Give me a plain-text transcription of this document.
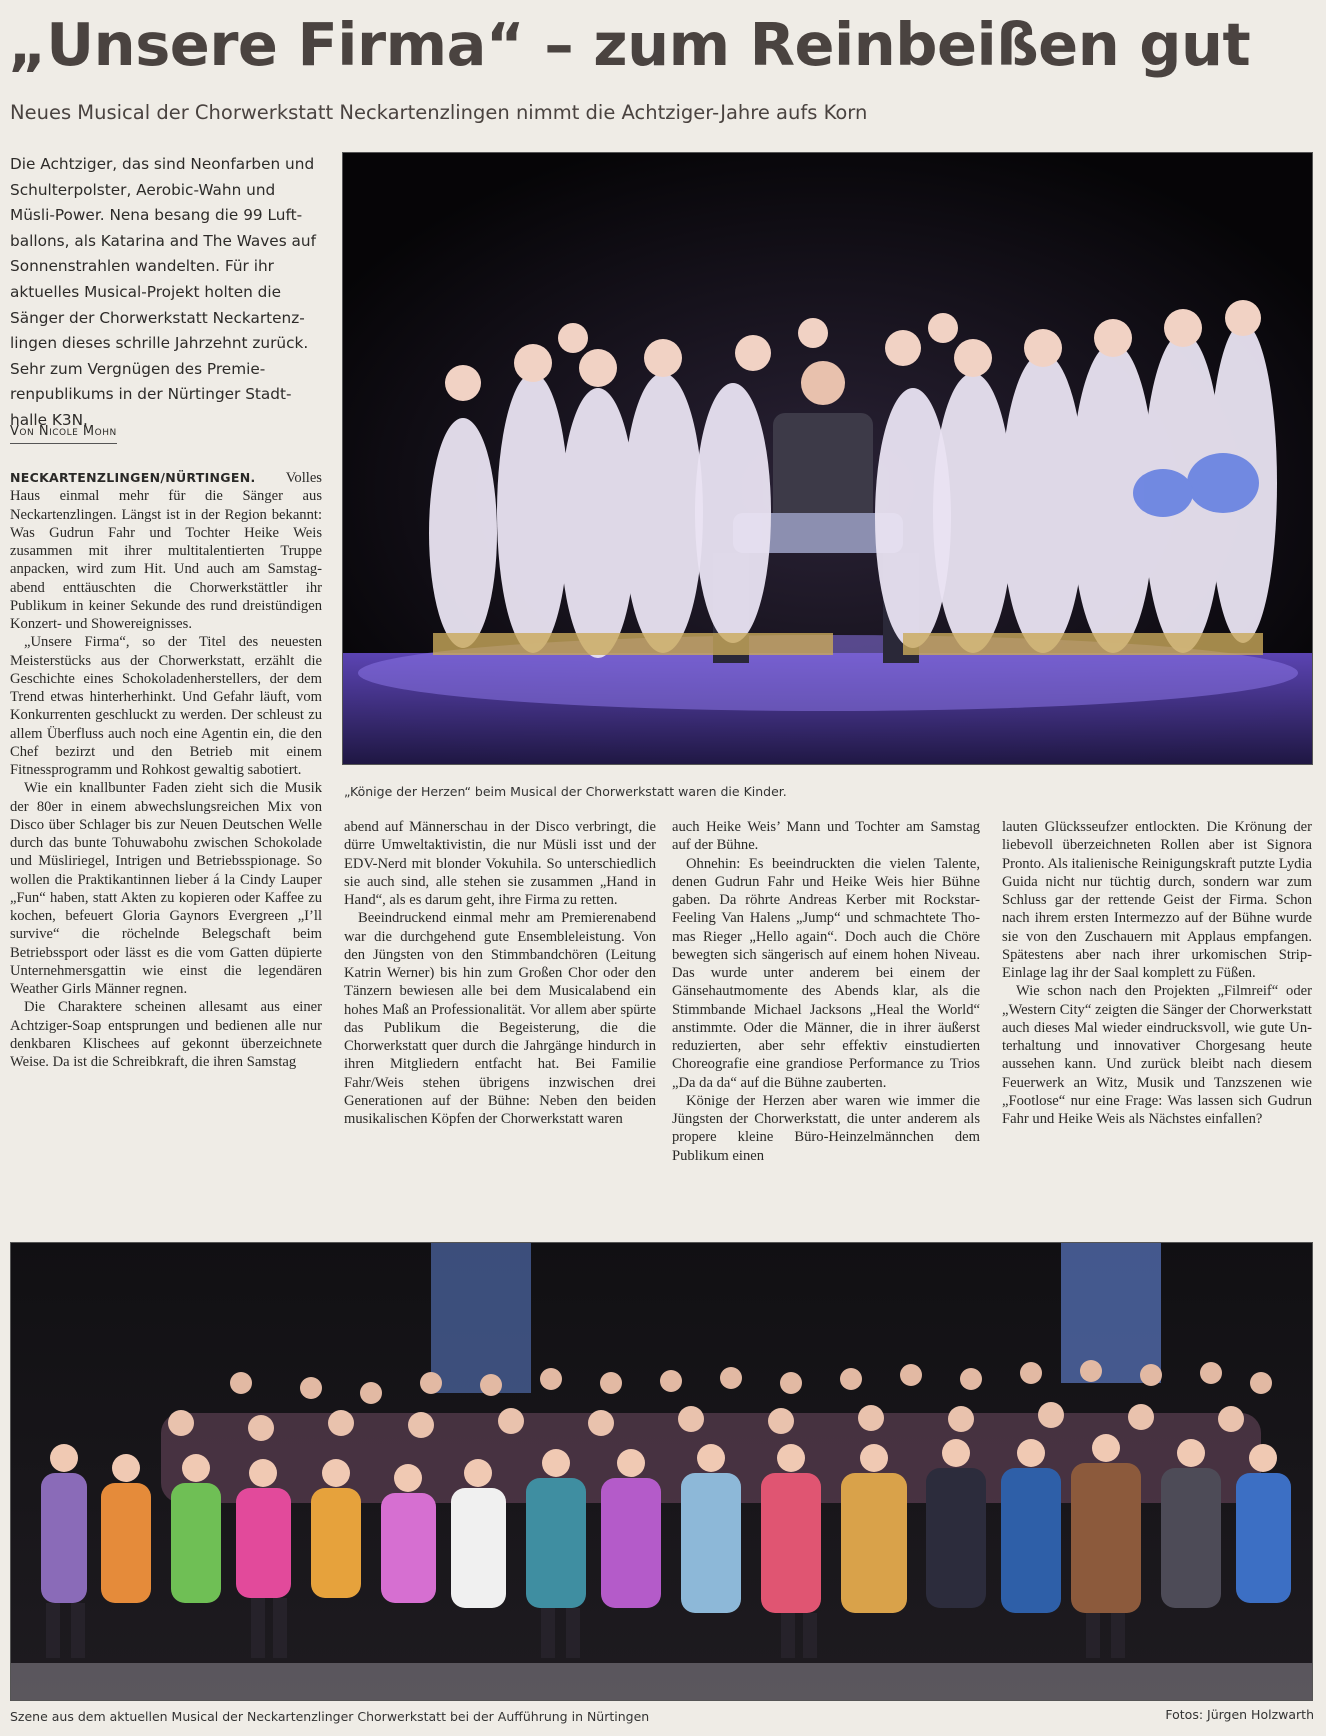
„Unsere Firma“ – zum Reinbeißen gut
Neues Musical der Chorwerkstatt Neckartenzlingen nimmt die Achtziger-Jahre aufs Korn
Die Achtziger, das sind Neonfarben und Schulterpolster, Aerobic-Wahn und Müsli-Power. Nena besang die 99 Luftballons, als Katarina and The Waves auf Sonnenstrahlen wandelten. Für ihr aktuelles Musical-Projekt holten die Sänger der Chorwerkstatt Neckartenzlingen dieses schrille Jahrzehnt zurück. Sehr zum Vergnügen des Premierenpublikums in der Nürtinger Stadthalle K3N.
Von Nicole Mohn
„Könige der Herzen“ beim Musical der Chorwerkstatt waren die Kinder.

NECKARTENZLINGEN/NÜRTINGEN. Volles Haus einmal mehr für die Sänger aus Neckartenzlingen. Längst ist in der Region bekannt: Was Gudrun Fahr und Tochter Heike Weis zusammen mit ihrer multitalentierten Truppe anpacken, wird zum Hit. Und auch am Samstagabend enttäuschten die Chorwerkstättler ihr Publikum in keiner Sekunde des rund dreistündigen Konzert- und Showereignisses.

„Unsere Firma“, so der Titel des neuesten Meisterstücks aus der Chorwerkstatt, erzählt die Geschichte eines Schokoladenherstellers, der dem Trend etwas hinterherhinkt. Und Gefahr läuft, vom Konkurrenten geschluckt zu werden. Der schleust zu allem Überfluss auch noch eine Agentin ein, die den Chef bezirzt und den Betrieb mit einem Fitnessprogramm und Rohkost gewaltig sabotiert.

Wie ein knallbunter Faden zieht sich die Musik der 80er in einem abwechslungsreichen Mix von Disco über Schlager bis zur Neuen Deutschen Welle durch das bunte Tohuwabohu zwischen Schokolade und Müsliriegel, Intrigen und Betriebsspionage. So wollen die Praktikantinnen lieber á la Cindy Lauper „Fun“ haben, statt Akten zu kopieren oder Kaffee zu kochen, befeuert Gloria Gaynors Evergreen „I’ll survive“ die röchelnde Belegschaft beim Betriebssport oder lässt es die vom Gatten düpierte Unternehmersgattin wie einst die legendären Weather Girls Männer regnen.

Die Charaktere scheinen allesamt aus einer Achtziger-Soap entsprungen und bedienen alle nur denkbaren Klischees auf gekonnt überzeichnete Weise. Da ist die Schreibkraft, die ihren Samstag

abend auf Männerschau in der Disco verbringt, die dürre Umweltaktivistin, die nur Müsli isst und der EDV-Nerd mit blonder Vokuhila. So unterschiedlich sie auch sind, alle stehen sie zusammen „Hand in Hand“, als es darum geht, ihre Firma zu retten.

Beeindruckend einmal mehr am Premierenabend war die durchgehend gute Ensembleleistung. Von den Jüngsten von den Stimmbandchören (Leitung Katrin Werner) bis hin zum Großen Chor oder den Tänzern bewiesen alle bei dem Musicalabend ein hohes Maß an Professionalität. Vor allem aber spürte das Publikum die Begeisterung, die die Chorwerkstatt quer durch die Jahrgänge hindurch in ihren Mitgliedern entfacht hat. Bei Familie Fahr/Weis stehen übrigens inzwischen drei Generationen auf der Bühne: Neben den beiden musikalischen Köpfen der Chorwerkstatt waren

auch Heike Weis’ Mann und Tochter am Samstag auf der Bühne.

Ohnehin: Es beeindruckten die vielen Talente, denen Gudrun Fahr und Heike Weis hier Bühne gaben. Da röhrte Andreas Kerber mit Rockstar-Feeling Van Halens „Jump“ und schmachtete Thomas Rieger „Hello again“. Doch auch die Chöre bewegten sich sängerisch auf einem hohen Niveau. Das wurde unter anderem bei einem der Gänsehautmomente des Abends klar, als die Stimmbande Michael Jacksons „Heal the World“ anstimmte. Oder die Männer, die in ihrer äußerst reduzierten, aber sehr effektiv einstudierten Choreografie eine grandiose Performance zu Trios „Da da da“ auf die Bühne zauberten.

Könige der Herzen aber waren wie immer die Jüngsten der Chorwerkstatt, die unter anderem als propere kleine Büro-Heinzelmännchen dem Publikum einen

lauten Glücksseufzer entlockten. Die Krönung der liebevoll überzeichneten Rollen aber ist Signora Pronto. Als italienische Reinigungskraft putzte Lydia Guida nicht nur tüchtig durch, sondern war zum Schluss gar der rettende Geist der Firma. Schon nach ihrem ersten Intermezzo auf der Bühne wurde sie von den Zuschauern mit Applaus empfangen. Spätestens aber nach ihrer urkomischen Strip-Einlage lag ihr der Saal komplett zu Füßen.

Wie schon nach den Projekten „Filmreif“ oder „Western City“ zeigten die Sänger der Chorwerkstatt auch dieses Mal wieder eindrucksvoll, wie gute Unterhaltung und innovativer Chorgesang heute aussehen kann. Und zurück bleibt nach diesem Feuerwerk an Witz, Musik und Tanzszenen wie „Footlose“ nur eine Frage: Was lassen sich Gudrun Fahr und Heike Weis als Nächstes einfallen?

Szene aus dem aktuellen Musical der Neckartenzlinger Chorwerkstatt bei der Aufführung in Nürtingen	Fotos: Jürgen Holzwarth
